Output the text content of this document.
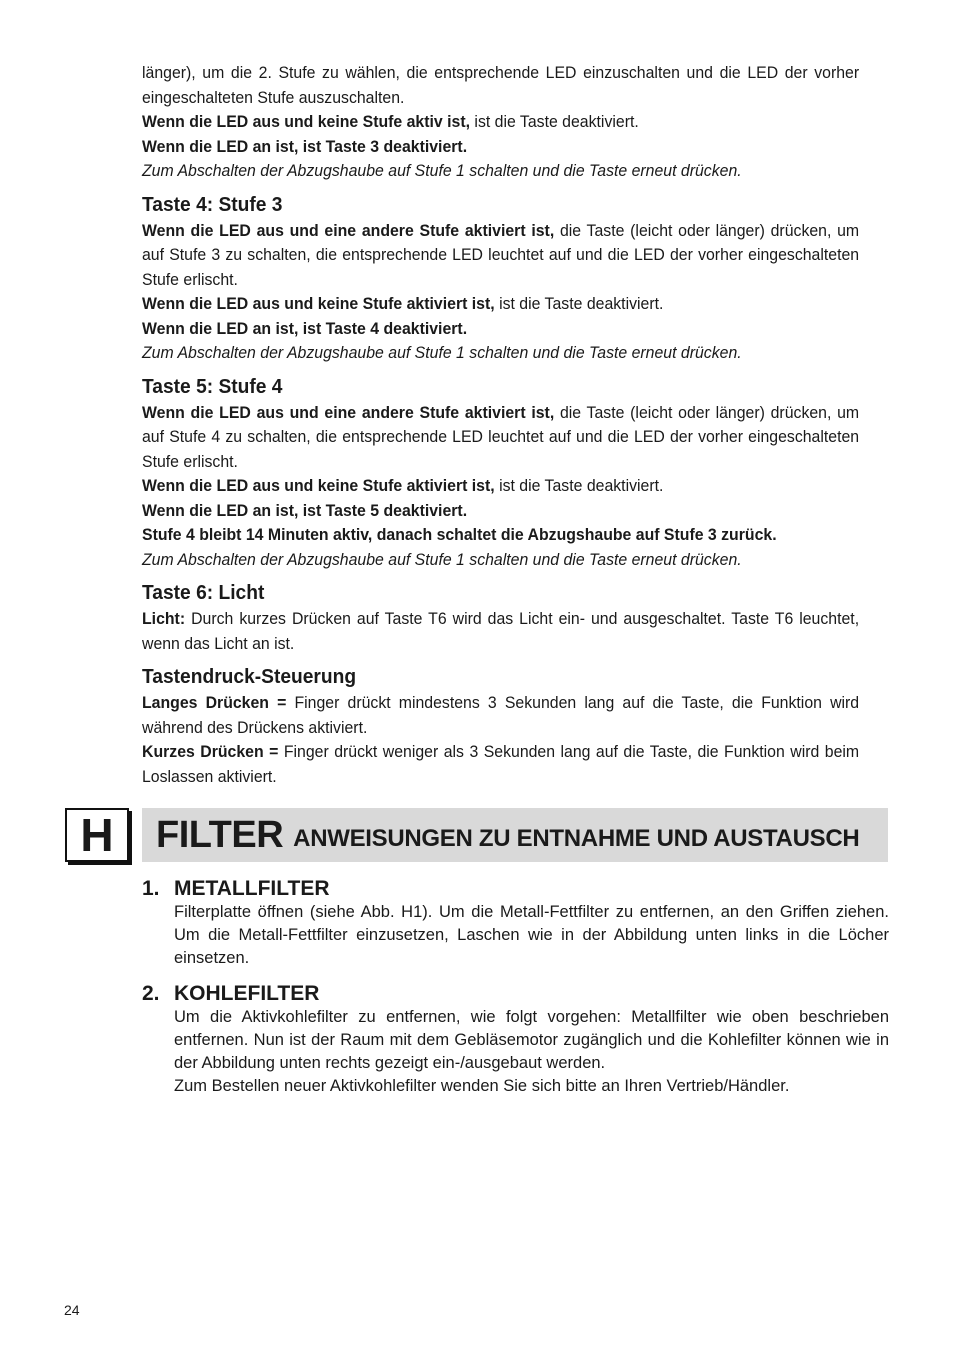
länger), um die 2. Stufe zu wählen, die entsprechende LED einzuschalten und die LED der vorher eingeschalteten Stufe auszuschalten.

Wenn die LED aus und keine Stufe aktiv ist, ist die Taste deaktiviert.

Wenn die LED an ist, ist Taste 3 deaktiviert.

Zum Abschalten der Abzugshaube auf Stufe 1 schalten und die Taste erneut drücken.

Taste 4: Stufe 3

Wenn die LED aus und eine andere Stufe aktiviert ist, die Taste (leicht oder länger) drücken, um auf Stufe 3 zu schalten, die entsprechende LED leuchtet auf und die LED der vorher eingeschalteten Stufe erlischt.

Wenn die LED aus und keine Stufe aktiviert ist, ist die Taste deaktiviert.

Wenn die LED an ist, ist Taste 4 deaktiviert.

Zum Abschalten der Abzugshaube auf Stufe 1 schalten und die Taste erneut drücken.

Taste 5: Stufe 4

Wenn die LED aus und eine andere Stufe aktiviert ist, die Taste (leicht oder länger) drücken, um auf Stufe 4 zu schalten, die entsprechende LED leuchtet auf und die LED der vorher eingeschalteten Stufe erlischt.

Wenn die LED aus und keine Stufe aktiviert ist, ist die Taste deaktiviert.

Wenn die LED an ist, ist Taste 5 deaktiviert.

Stufe 4 bleibt 14 Minuten aktiv, danach schaltet die Abzugshaube auf Stufe 3 zurück.

Zum Abschalten der Abzugshaube auf Stufe 1 schalten und die Taste erneut drücken.

Taste 6: Licht

Licht: Durch kurzes Drücken auf Taste T6 wird das Licht ein- und ausgeschaltet. Taste T6 leuchtet, wenn das Licht an ist.

Tastendruck-Steuerung

Langes Drücken = Finger drückt mindestens 3 Sekunden lang auf die Taste, die Funktion wird während des Drückens aktiviert.

Kurzes Drücken = Finger drückt weniger als 3 Sekunden lang auf die Taste, die Funktion wird beim Loslassen aktiviert.

H	FILTER ANWEISUNGEN ZU ENTNAHME UND AUSTAUSCH
1. METALLFILTER
Filterplatte öffnen (siehe Abb. H1). Um die Metall-Fettfilter zu entfernen, an den Griffen ziehen. Um die Metall-Fettfilter einzusetzen, Laschen wie in der Abbildung unten links in die Löcher einsetzen.
2. KOHLEFILTER
Um die Aktivkohlefilter zu entfernen, wie folgt vorgehen: Metallfilter wie oben beschrieben entfernen. Nun ist der Raum mit dem Gebläsemotor zugänglich und die Kohlefilter können wie in der Abbildung unten rechts gezeigt ein-/ausgebaut werden.
Zum Bestellen neuer Aktivkohlefilter wenden Sie sich bitte an Ihren Vertrieb/Händler.
24
